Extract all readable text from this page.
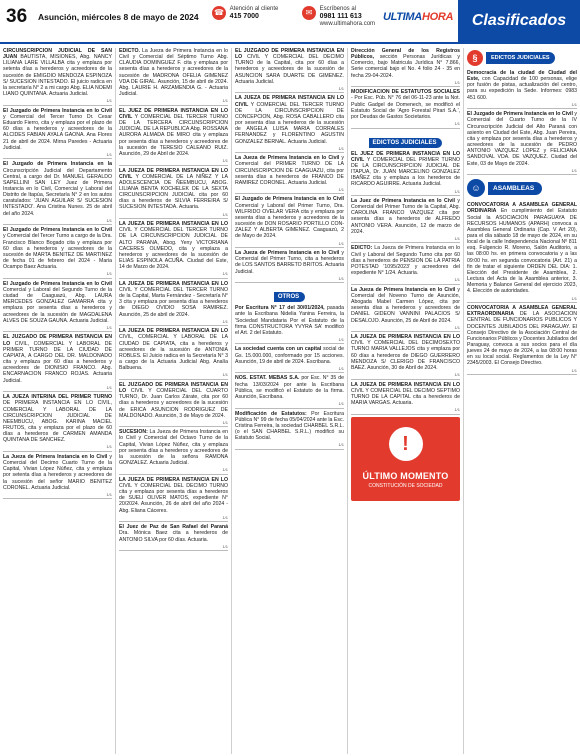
36 Asunción, miércoles 8 de mayo de 2024 ☎ Atención al cliente
415 7000	✉ Escríbenos al
0981 111 613
www.ultimahora.com
ULTIMAHORA	Clasificados
CIRCUNSCRIPCION JUDICIAL DE SAN JUAN BAUTISTA, MISIONES, Abg. NANCY LILIANA LARE VILLALBA cita y emplaza por setenta días a herederos y acreedores de la sucesión de EMIGDIO MENDOZA ESPINOZA S/ SUCESION INTESTADO. El juicio radica en la secretaría N° 2 a mi cargo Abg. ELIA NOEMI LIANO QUINTANA. Actuaria Judicial.
1/1
El Juzgado de Primera Instancia en lo Civil y Comercial del Tercer Turno Dr. Cesar Eduardo Fierro, cita y emplaza por el plazo de 60 días a herederos y acreedores de la ALCIDES FABIAN AYALA GAONA. Ana Flores 21 de abril de 2024. Mirna Paredes - Actuaria Judicial.
1/1
El Juzgado de Primera Instancia en la Circunscripción Judicial del Departamento Central, a cargo del Dr. MANUEL GERALDO SAPELLINI SAN LEY Juez de Primera Instancia en lo Civil, Comercial y Laboral del Distrito de Itapúa, Secretaría N° 2 en los autos caratulados: 'JUAN AGUILAR S/ SUCESION INTESTADO'. Ana Cristina Nunes. 25 de abril del año 2024.
1/1
El Juzgado de Primera Instancia en lo Civil y Comercial del Tercer Turno a cargo de la Dra. Francisco Blanco Bogado cita y emplaza por 60 días a herederos y acreedores de la sucesión de MARTA BENITEZ DE MARTINEZ de fecha 01 de febrero del 2024 - Maria Ocampo Baez Actuaria.
1/1
El Juzgado de Primera Instancia en lo Civil Comercial y Laboral del Segundo Turno de la ciudad de Caaguazú, Abg. LAURA MERCEDES GONZALEZ GAMARRA cita y emplaza por sesenta días a herederos y acreedores de la sucesión de MAGDALENA ALVES DE SOUZA GAUNA. Actuaria Judicial.
1/1
EL JUZGADO DE PRIMERA INSTANCIA EN LO CIVIL, COMERCIAL Y LABORAL DE PRIMER TURNO DE LA CIUDAD DE CAPIATA, A CARGO DEL DR. MALDONADO cita y emplaza por 60 días a herederos y acreedores de DIONISIO FRANCO. Abg. ENCARNACION FRANCO ROJAS. Actuaria Judicial.
1/1
LA JUEZA INTERINA DEL PRIMER TURNO DE PRIMERA INSTANCIA EN LO CIVIL, COMERCIAL Y LABORAL DE LA CIRCUNSCRIPCION JUDICIAL DE NEEMBUCU, ABOG. KARINA MACIEL FRUTOS, cita y emplaza por el plazo de 60 días a herederos de CARMEN AMANDA QUINTANA DE SANCHEZ.
1/1
La Jueza de Primera Instancia en lo Civil y Comercial del Decimo Cuarto Turno de la Capital, Vivian López Núñez, cita y emplaza por setenta días a herederos y acreedores de la sucesión del señor MARIO BENITEZ CORONEL. Actuaria Judicial.
1/1
EDICTO. La Jueza de Primera Instancia en lo Civil y Comercial del Séptimo Turno Abg. CLAUDIA DOMINGUEZ F. cita y emplaza por sesenta días a herederos y acreedores de la sucesión de MADRONA OFELIA GIMENEZ VDA DE GIRAL. Asunción, 15 de abril de 2024. Abg. LAURIE H. ARZAMENDIA G. - Actuaria Judicial.
1/1
EL JUEZ DE PRIMERA INSTANCIA EN LO CIVIL Y COMERCIAL DEL TERCER TURNO DE LA TERCERA CIRCUNSCRIPCION JUDICIAL DE LA REPUBLICA Abg. ROSSANA AURORA ALMADA DE MIRO cita y emplaza por sesenta días a herederos y acreedores de la sucesión de TERESIO CALEANO RUIZ. Asunción, 29 de Abril de 2024.
1/1
LA JUEZA DE PRIMERA INSTANCIA EN LO CIVIL Y COMERCIAL DE LA NIÑEZ Y LA ADOLESCENCIA DE ÑEEMBUCU, ABOG. LILIANA BENTA KOCHELEK DE LA SEXTA CIRCUNSCRIPCION JUDICIAL cita por 60 días a herederos de SILVIA FERREIRA S/ SUCESION INTESTADA. Actuaria.
1/1
LA JUEZA DE PRIMERA INSTANCIA EN LO CIVIL Y COMERCIAL DEL TERCER TURNO DE LA CIRCUNSCRIPCION JUDICIAL DE ALTO PARANA, Abog. Yeny VICTORIANA CACERES OLMEDO, cita y emplaza a herederos y acreedores de la sucesión de ELIAS ESPINOLA ACUÑA. Ciudad del Este, 14 de Marzo de 2024.
1/1
LA JUEZA DE PRIMERA INSTANCIA EN LO CIVIL Y COMERCIAL DEL TERCER TURNO de la Capital, Marta Fernández - Secretaría N° 3 cita y emplaza por sesenta días a herederos de DIEGO OVIDIO SOSA RAMIREZ. Asunción, 25 de abril de 2024.
1/1
LA JUEZA DE PRIMERA INSTANCIA EN LO CIVIL, COMERCIAL Y LABORAL DE LA CIUDAD DE CAPIATA, cita a herederos y acreedores de la sucesión de ANTONIA ROBLES. El Juicio radica en la Secretaría N° 3 a cargo de la Actuaria Judicial Abg. Analía Balbuena.
1/1
EL JUZGADO DE PRIMERA INSTANCIA EN LO CIVIL Y COMERCIAL DEL CUARTO TURNO, Dr. Juan Carlos Zárate, cita por 60 días a herederos y acreedores de la sucesión de ERICA ASUNCION RODRIGUEZ DE MALDONADO. Asunción, 3 de Mayo de 2024.
1/1
SUCESION: La Jueza de Primera Instancia en lo Civil y Comercial del Octavo Turno de la Capital, Vivian López Núñez, cita y emplaza por sesenta días a herederos y acreedores de la sucesión de la señora RAMONA GONZALEZ. Actuaria Judicial.
1/1
LA JUEZA DE PRIMERA INSTANCIA EN LO CIVIL Y COMERCIAL DEL DECIMO TURNO cita y emplaza por sesenta días a herederos de SUELI OLIVER MATOS, expediente N° 20/2024. Asunción, 26 de abril del año 2024 - Abg. Eliana Cáceres.
1/1
El Juez de Paz de San Rafael del Paraná Dra. Mónica Baez cita a herederos de ANTONIO SILVA por 60 días. Actuaria.
1/1
EL JUZGADO DE PRIMERA INSTANCIA EN LO CIVIL Y COMERCIAL DEL DECIMO TURNO de la Capital, cita por 60 días a herederos y acreedores de la sucesión de ASUNCION SARA DUARTE DE GIMENEZ. Actuaria Judicial.
1/1
LA JUEZA DE PRIMERA INSTANCIA EN LO CIVIL Y COMERCIAL DEL TERCER TURNO DE LA CIRCUNSCRIPCION DE CONCEPCION, Abg. ROSA CABALLERO cita por sesenta días a herederos de la sucesión de ANGELA LUISA MARIA CORRALES FERNANDEZ y FLORENTINO AGUSTIN GONZALEZ BERNAL. Actuaria Judicial.
1/1
La Jueza de Primera Instancia en lo Civil y Comercial del PRIMER TURNO DE LA CIRCUNSCRIPCION DE CAAGUAZU, cita por sesenta días a herederos de FRANCO DE RAMIREZ CORONEL. Actuaria Judicial.
1/1
El Juzgado de Primera Instancia en lo Civil Comercial y Laboral del Primer Turno, Dra. WILFRIDO OVELAR VERA cita y emplaza por sesenta días a herederos y acreedores de la sucesión de DON ROSARIO PORTILLO CON-ZALEZ Y ALBERTA GIMENEZ. Caaguazú, 2 de Mayo de 2024.
1/1
La Jueza de Primera Instancia en lo Civil y Comercial del Primer Turno, cita a herederos de LOS SANTOS BARRETO BRITOS. Actuaria Judicial.
1/1
OTROS
Por Escritura N° 17 del 30/01/2024, pasada ante la Escribana Nidelia Yanina Ferreira, la 'Sociedad Mandataria Por el Estatuto de la firma CONSTRUCTORA YVYRA SA' modificó el Art. 2 del Estatuto.
1/1
La sociedad cuenta con un capital social de Gs. 15.000.000, conformado por 15 acciones. Asunción, 19 de abril de 2024. Escribana.
1/1
NOS. ESTAT. MEBAS S.A. por Esc. N° 35 de fecha 13/03/2024 por ante la Escribana Pública, se modificó el Estatuto de la firma. Asunción, Escribana.
1/1
Modificación de Estatutos: Por Escritura Pública N° 99 de fecha 05/04/2024 ante la Esc. Cristina Ferreira, la sociedad CHARBEL S.R.L. (o el SAN CHARBEL S.R.L.) modificó su Estatuto Social.
1/1
Dirección General de los Registros Públicos, sección Personas Jurídicas y Comercio, bajo Matricula Jurídica N° 7.866, Serie comercial bajo el No. 4 folio 24 - 35 en fecha 29-04-2024.
1/1
MODIFICACION DE ESTATUTOS SOCIALES - Por Esc. Púb. N° 76 del 06-11-23 ante la Not. Public Gadgel de Domenech, se modificó el Estatuto Social de 'Agro Forestal Pirari S.A.', por Deudas de Gastos Societarios.
1/1
EDICTOS JUDICIALES
EL JUEZ DE PRIMERA INSTANCIA EN LO CIVIL Y COMERCIAL DEL PRIMER TURNO DE LA CIRCUNSCRIPCION JUDICIAL DE ITAPUA, Dr. JUAN MARCELINO GONZALEZ IBAÑEZ cita y emplaza a los herederos de RICARDO AGUIRRE. Actuaria Judicial.
1/1
La Juez de Primera Instancia en lo Civil y Comercial del Primer Turno de la Capital, Abg. CAROLINA FRANCO VAZQUEZ cita por sesenta días a herederos de ALFREDO ANTONIO VERA. Asunción, 12 de marzo de 2024.
1/1
EDICTO: La Jueza de Primera Instancia en lo Civil y Laboral del Segundo Turno cita por 60 días a herederos de PENSION DE LA PATRIA POTESTAD '1095/2023' y acreedores del expediente N° 1/24. Actuaria.
1/1
La Jueza de Primera Instancia en lo Civil y Comercial del Noveno Turno de Asunción, Abogada Mabel Carmen López, cita por sesenta días a herederos y acreedores de DANIEL GIDEON VANNINI PALACIOS S/ DESALOJO. Asunción, 25 de Abril de 2024.
1/1
LA JUEZA DE PRIMERA INSTANCIA EN LO CIVIL Y COMERCIAL DEL DECIMOSEXTO TURNO MARIA VALLEJOS cita y emplaza por 60 días a herederos de DIEGO GUERRERO MENDOZA S/ CLERIGO DE FRANCISCO BAEZ. Asunción, 30 de Abril de 2024.
1/1
LA JUEZA DE PRIMERA INSTANCIA EN LO CIVIL Y COMERCIAL DEL DECIMO SEPTIMO TURNO DE LA CAPITAL cita a herederos de MARIA VARGAS. Actuaria.
1/1
!
ÚLTIMO MOMENTO
CONSTITUCIÓN DE SOCIEDAD
§	EDICTOS JUDICIALES
Democracia de la ciudad de Ciudad del Este, con Capacidad de 100 personas, elige por fusión de pistas, actualización del centro, para su expedición la Sede. Informes: 0983 451 600.
1/1
El Juzgado de Primera Instancia en lo Civil y Comercial del Cuarto Turno de la IV Circunscripción Judicial del Alto Paraná con asiento en Ciudad del Este, Abg. Juan Pereira, cita y emplaza por sesenta días a herederos y acreedores de la sucesión de PEDRO ANTONIO VAZQUEZ LOPEZ y FELICIANA SANDOVAL VDA. DE VAZQUEZ. Ciudad del Este, 03 de Mayo de 2024.
1/1
☺	ASAMBLEAS
CONVOCATORIA A ASAMBLEA GENERAL ORDINARIA En cumplimiento del Estatuto Social la ASOCIACION PARAGUAYA DE RECURSOS HUMANOS (APARH) convoca a Asamblea General Ordinaria (Cap. V Art 20), para el día sábado 18 de mayo de 2024, en su local de la calle Independencia Nacional Nº 811 esq. Fulgencio R. Moreno, Salón Auditorio, a las 08:00 hs. en primera convocatoria y a las 09:00 hs. en segunda convocatoria (Art. 21) a fin de tratar el siguiente ORDEN DEL DIA: 1. Elección del Presidente de Asamblea, 2. Lectura del Acta de la Asamblea anterior, 3. Memoria y Balance General del ejercicio 2023, 4. Elección de autoridades.
1/1
CONVOCATORIA A ASAMBLEA GENERAL EXTRAORDINARIA DE LA ASOCIACION CENTRAL DE FUNCIONARIOS PUBLICOS Y DOCENTES JUBILADOS DEL PARAGUAY. El Consejo Directivo de la Asociación Central de Funcionarios Públicos y Docentes Jubilados del Paraguay, convoca a sus socios para el día jueves 24 de mayo de 2024, a las 08:00 horas en su local social. Reglamentos de la Ley N° 2345/2003. El Consejo Directivo.
1/1
